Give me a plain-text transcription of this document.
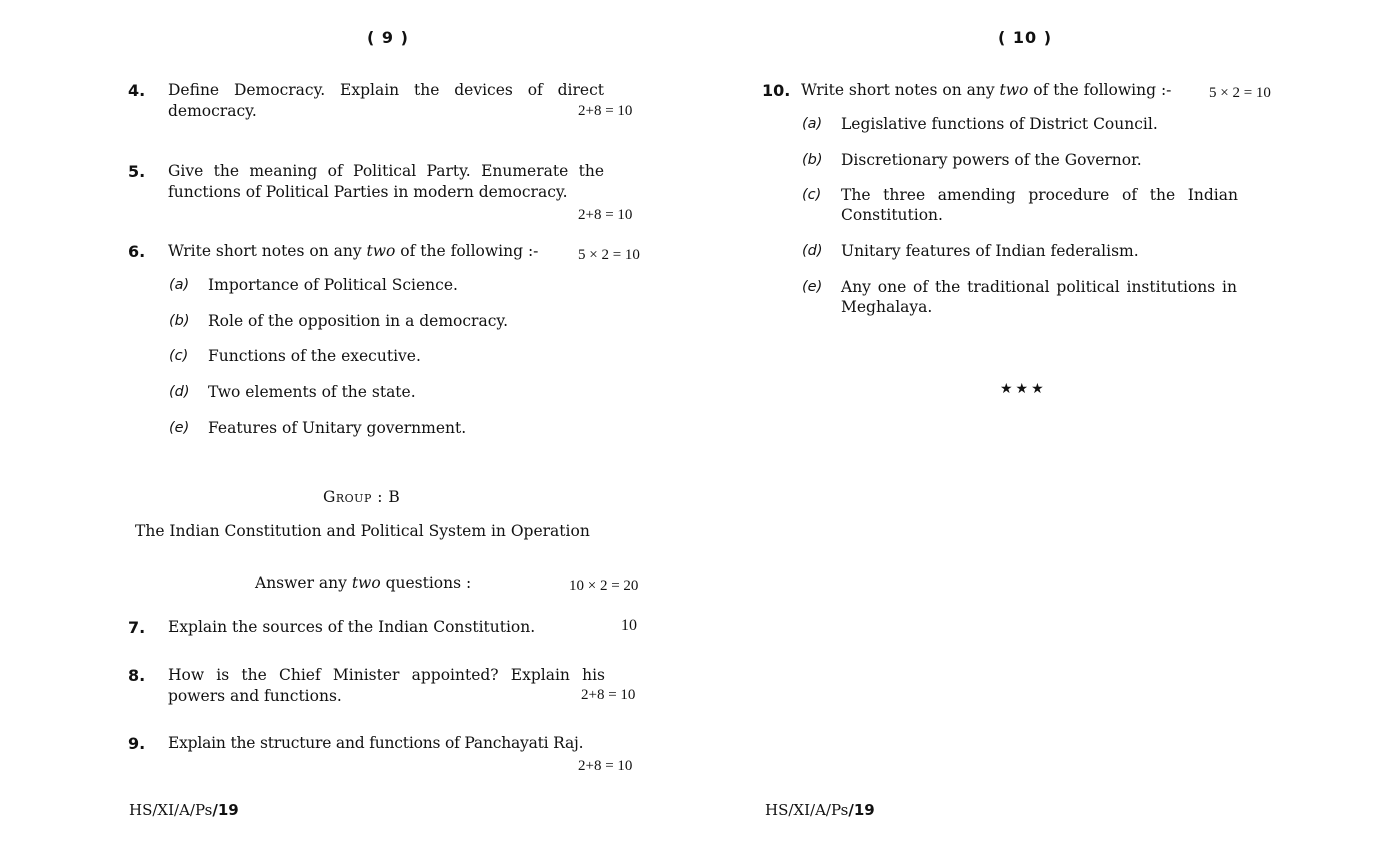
( 9 )
4. Define Democracy. Explain the devices of direct
democracy.	2+8 = 10
5. Give the meaning of Political Party. Enumerate the
functions of Political Parties in modern democracy.
2+8 = 10
6. Write short notes on any two of the following :-	5 × 2 = 10
(a) Importance of Political Science.
(b) Role of the opposition in a democracy.
(c) Functions of the executive.
(d) Two elements of the state.
(e) Features of Unitary government.
Group : B
The Indian Constitution and Political System in Operation
Answer any two questions :	10 × 2 = 20
7. Explain the sources of the Indian Constitution.	10
8. How is the Chief Minister appointed? Explain his
powers and functions.	2+8 = 10
9. Explain the structure and functions of Panchayati Raj.
2+8 = 10
HS/XI/A/Ps/19
( 10 )
10. Write short notes on any two of the following :-	5 × 2 = 10
(a) Legislative functions of District Council.
(b) Discretionary powers of the Governor.
(c) The three amending procedure of the Indian
Constitution.
(d) Unitary features of Indian federalism.
(e) Any one of the traditional political institutions in
Meghalaya.
★★★
HS/XI/A/Ps/19
